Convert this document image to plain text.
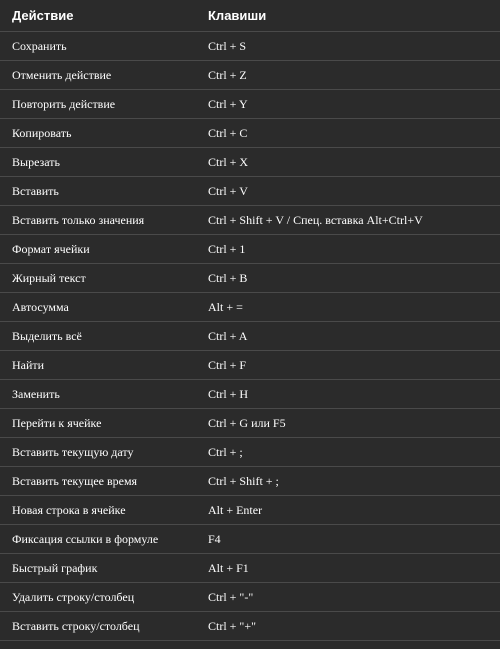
Действие	Клавиши
Сохранить	Ctrl + S
Отменить действие	Ctrl + Z
Повторить действие	Ctrl + Y
Копировать	Ctrl + C
Вырезать	Ctrl + X
Вставить	Ctrl + V
Вставить только значения	Ctrl + Shift + V / Спец. вставка Alt+Ctrl+V
Формат ячейки	Ctrl + 1
Жирный текст	Ctrl + B
Автосумма	Alt + =
Выделить всё	Ctrl + A
Найти	Ctrl + F
Заменить	Ctrl + H
Перейти к ячейке	Ctrl + G или F5
Вставить текущую дату	Ctrl + ;
Вставить текущее время	Ctrl + Shift + ;
Новая строка в ячейке	Alt + Enter
Фиксация ссылки в формуле	F4
Быстрый график	Alt + F1
Удалить строку/столбец	Ctrl + "-"
Вставить строку/столбец	Ctrl + "+"
